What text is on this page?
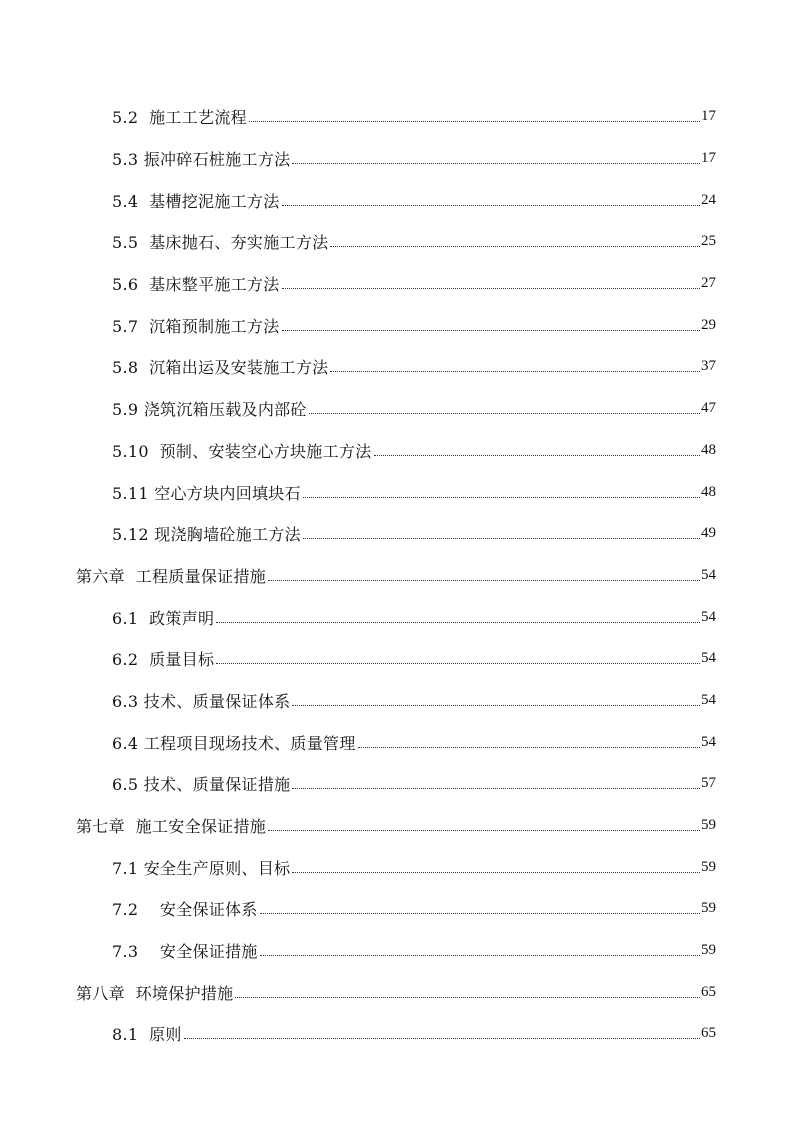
5.2  施工工艺流程	17
5.3 振冲碎石桩施工方法	17
5.4  基槽挖泥施工方法	24
5.5  基床抛石、夯实施工方法	25
5.6  基床整平施工方法	27
5.7  沉箱预制施工方法	29
5.8  沉箱出运及安装施工方法	37
5.9 浇筑沉箱压载及内部砼	47
5.10  预制、安装空心方块施工方法	48
5.11 空心方块内回填块石	48
5.12 现浇胸墙砼施工方法	49
第六章  工程质量保证措施	54
6.1  政策声明	54
6.2  质量目标	54
6.3 技术、质量保证体系	54
6.4 工程项目现场技术、质量管理	54
6.5 技术、质量保证措施	57
第七章  施工安全保证措施	59
7.1 安全生产原则、目标	59
7.2    安全保证体系	59
7.3    安全保证措施	59
第八章  环境保护措施	65
8.1  原则	65
